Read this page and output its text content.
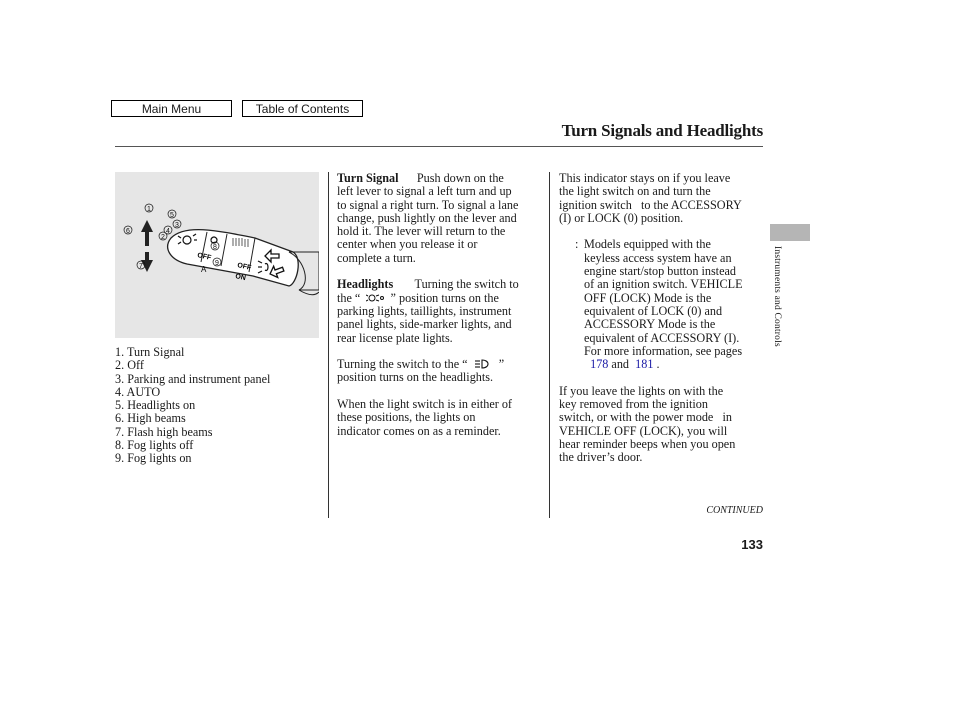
Main Menu	Table of Contents
Turn Signals and Headlights
OFF
A	OFF
ON
1
7
6
2
5
4
3
8
9
1. Turn Signal
2. Off
3. Parking and instrument panel
4. AUTO
5. Headlights on
6. High beams
7. Flash high beams
8. Fog lights off
9. Fog lights on

Turn Signal Push down on the

left lever to signal a left turn and up

to signal a right turn. To signal a lane

change, push lightly on the lever and

hold it. The lever will return to the

center when you release it or

complete a turn.

Headlights Turning the switch to

the “ ” position turns on the

parking lights, taillights, instrument

panel lights, side-marker lights, and

rear license plate lights.

Turning the switch to the “	”

position turns on the headlights.

When the light switch is in either of

these positions, the lights on

indicator comes on as a reminder.

This indicator stays on if you leave

the light switch on and turn the

ignition switch to the ACCESSORY

(I) or LOCK (0) position.

: Models equipped with the

keyless access system have an

engine start/stop button instead

of an ignition switch. VEHICLE

OFF (LOCK) Mode is the

equivalent of LOCK (0) and

ACCESSORY Mode is the

equivalent of ACCESSORY (I).

For more information, see pages

178 and 181 .

If you leave the lights on with the

key removed from the ignition

switch, or with the power mode in

VEHICLE OFF (LOCK), you will

hear reminder beeps when you open

the driver’s door.

Instruments and Controls
CONTINUED
133
